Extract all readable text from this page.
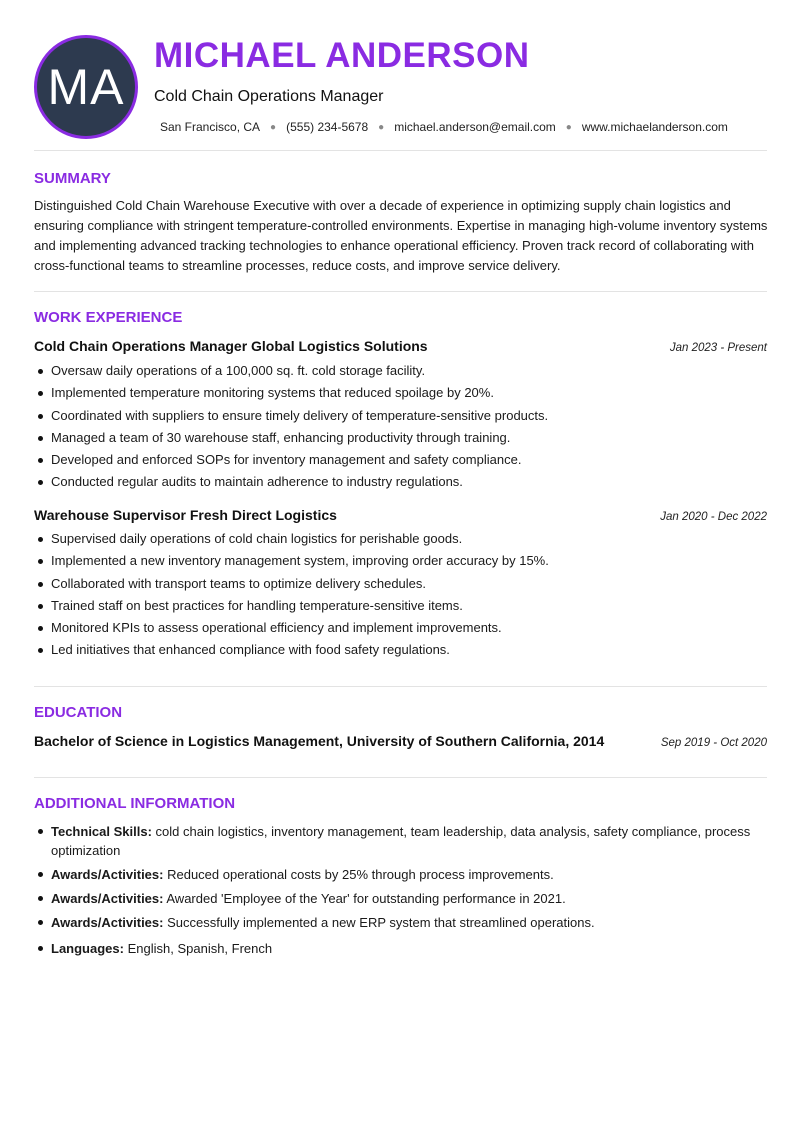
MA
MICHAEL ANDERSON
Cold Chain Operations Manager
San Francisco, CA ● (555) 234-5678 ● michael.anderson@email.com ● www.michaelanderson.com
SUMMARY
Distinguished Cold Chain Warehouse Executive with over a decade of experience in optimizing supply chain logistics and ensuring compliance with stringent temperature-controlled environments. Expertise in managing high-volume inventory systems and implementing advanced tracking technologies to enhance operational efficiency. Proven track record of collaborating with cross-functional teams to streamline processes, reduce costs, and improve service delivery.
WORK EXPERIENCE
Cold Chain Operations Manager Global Logistics Solutions	Jan 2023 - Present
Oversaw daily operations of a 100,000 sq. ft. cold storage facility.
Implemented temperature monitoring systems that reduced spoilage by 20%.
Coordinated with suppliers to ensure timely delivery of temperature-sensitive products.
Managed a team of 30 warehouse staff, enhancing productivity through training.
Developed and enforced SOPs for inventory management and safety compliance.
Conducted regular audits to maintain adherence to industry regulations.
Warehouse Supervisor Fresh Direct Logistics	Jan 2020 - Dec 2022
Supervised daily operations of cold chain logistics for perishable goods.
Implemented a new inventory management system, improving order accuracy by 15%.
Collaborated with transport teams to optimize delivery schedules.
Trained staff on best practices for handling temperature-sensitive items.
Monitored KPIs to assess operational efficiency and implement improvements.
Led initiatives that enhanced compliance with food safety regulations.
EDUCATION
Bachelor of Science in Logistics Management, University of Southern California, 2014	Sep 2019 - Oct 2020
ADDITIONAL INFORMATION
Technical Skills: cold chain logistics, inventory management, team leadership, data analysis, safety compliance, process optimization
Awards/Activities: Reduced operational costs by 25% through process improvements.
Awards/Activities: Awarded 'Employee of the Year' for outstanding performance in 2021.
Awards/Activities: Successfully implemented a new ERP system that streamlined operations.
Languages: English, Spanish, French
